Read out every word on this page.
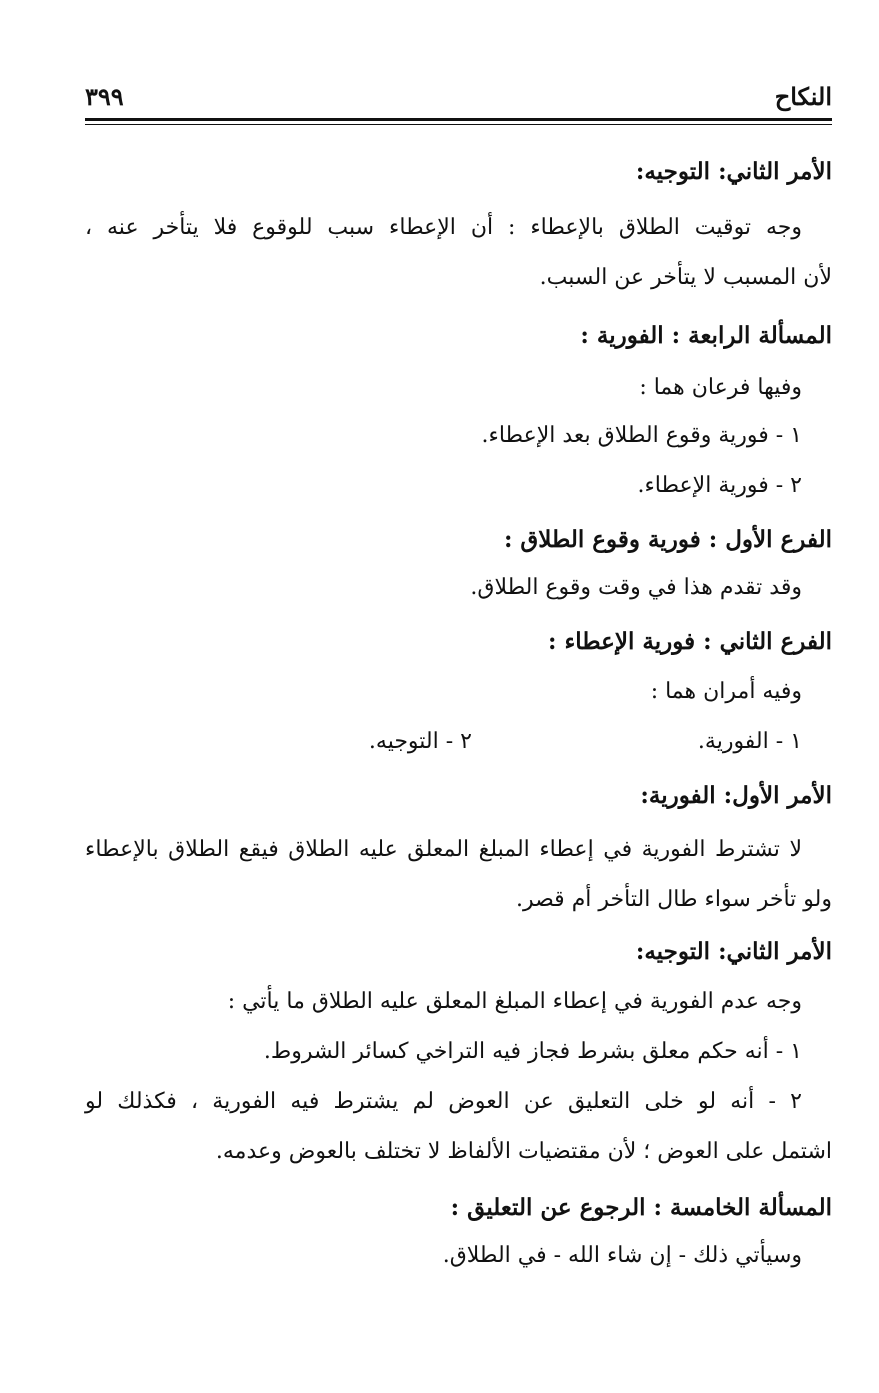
النكاح
٣٩٩
الأمر الثاني: التوجيه:
وجه توقيت الطلاق بالإعطاء : أن الإعطاء سبب للوقوع فلا يتأخر عنه ،
لأن المسبب لا يتأخر عن السبب.
المسألة الرابعة : الفورية :
وفيها فرعان هما :
١ - فورية وقوع الطلاق بعد الإعطاء.
٢ - فورية الإعطاء.
الفرع الأول : فورية وقوع الطلاق :
وقد تقدم هذا في وقت وقوع الطلاق.
الفرع الثاني : فورية الإعطاء :
وفيه أمران هما :
١ - الفورية.
٢ - التوجيه.
الأمر الأول: الفورية:
لا تشترط الفورية في إعطاء المبلغ المعلق عليه الطلاق فيقع الطلاق بالإعطاء
ولو تأخر سواء طال التأخر أم قصر.
الأمر الثاني: التوجيه:
وجه عدم الفورية في إعطاء المبلغ المعلق عليه الطلاق ما يأتي :
١ - أنه حكم معلق بشرط فجاز فيه التراخي كسائر الشروط.
٢ - أنه لو خلى التعليق عن العوض لم يشترط فيه الفورية ، فكذلك لو
اشتمل على العوض ؛ لأن مقتضيات الألفاظ لا تختلف بالعوض وعدمه.
المسألة الخامسة : الرجوع عن التعليق :
وسيأتي ذلك - إن شاء الله - في الطلاق.
